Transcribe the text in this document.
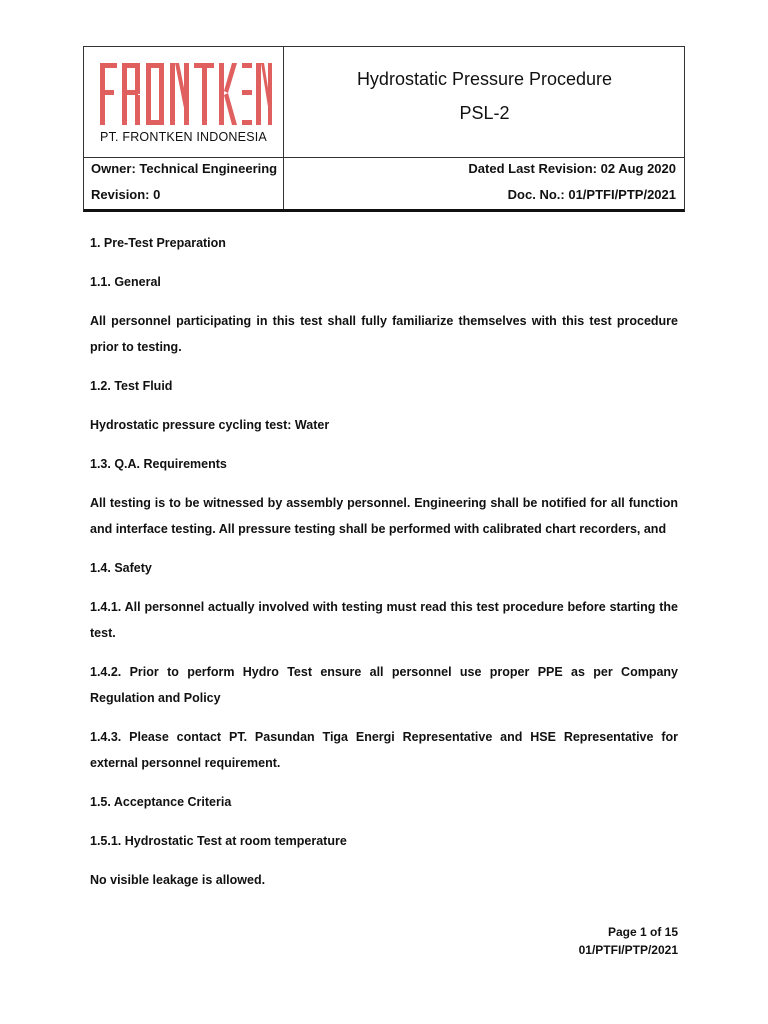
PT. FRONTKEN INDONESIA
Hydrostatic Pressure Procedure
PSL-2
Owner: Technical Engineering
Revision: 0
Dated Last Revision: 02 Aug 2020
Doc. No.: 01/PTFI/PTP/2021
1. Pre-Test Preparation
1.1. General
All personnel participating in this test shall fully familiarize themselves with this test procedure prior to testing.
1.2. Test Fluid
Hydrostatic pressure cycling test: Water
1.3. Q.A. Requirements
All testing is to be witnessed by assembly personnel. Engineering shall be notified for all function and interface testing. All pressure testing shall be performed with calibrated chart recorders, and
1.4. Safety
1.4.1. All personnel actually involved with testing must read this test procedure before starting the test.
1.4.2. Prior to perform Hydro Test ensure all personnel use proper PPE as per Company Regulation and Policy
1.4.3. Please contact PT. Pasundan Tiga Energi Representative and HSE Representative for external personnel requirement.
1.5. Acceptance Criteria
1.5.1. Hydrostatic Test at room temperature
No visible leakage is allowed.
Page 1 of 15
01/PTFI/PTP/2021
